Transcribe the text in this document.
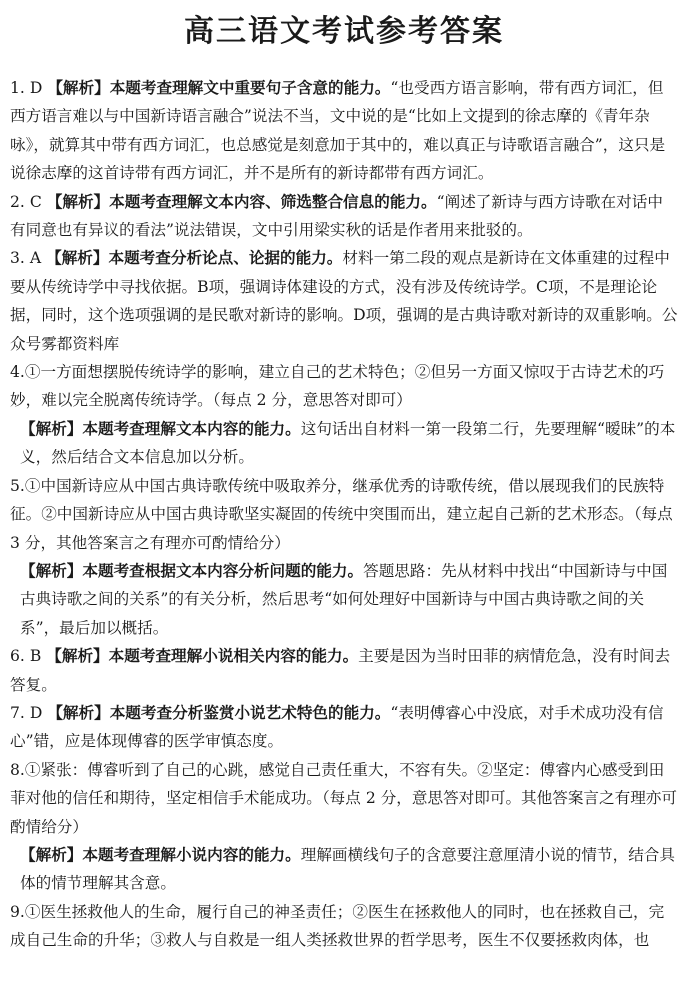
高三语文考试参考答案

1. D 【解析】本题考查理解文中重要句子含意的能力。“也受西方语言影响，带有西方词汇，但西方语言难以与中国新诗语言融合”说法不当，文中说的是“比如上文提到的徐志摩的《青年杂咏》，就算其中带有西方词汇，也总感觉是刻意加于其中的，难以真正与诗歌语言融合”，这只是说徐志摩的这首诗带有西方词汇，并不是所有的新诗都带有西方词汇。

2. C 【解析】本题考查理解文本内容、筛选整合信息的能力。“阐述了新诗与西方诗歌在对话中有同意也有异议的看法”说法错误，文中引用梁实秋的话是作者用来批驳的。

3. A 【解析】本题考查分析论点、论据的能力。材料一第二段的观点是新诗在文体重建的过程中要从传统诗学中寻找依据。B项，强调诗体建设的方式，没有涉及传统诗学。C项，不是理论论据，同时，这个选项强调的是民歌对新诗的影响。D项，强调的是古典诗歌对新诗的双重影响。公众号雾都资料库

4.①一方面想摆脱传统诗学的影响，建立自己的艺术特色；②但另一方面又惊叹于古诗艺术的巧妙，难以完全脱离传统诗学。（每点 2 分，意思答对即可）

【解析】本题考查理解文本内容的能力。这句话出自材料一第一段第二行，先要理解“暧昧”的本义，然后结合文本信息加以分析。

5.①中国新诗应从中国古典诗歌传统中吸取养分，继承优秀的诗歌传统，借以展现我们的民族特征。②中国新诗应从中国古典诗歌坚实凝固的传统中突围而出，建立起自己新的艺术形态。（每点 3 分，其他答案言之有理亦可酌情给分）

【解析】本题考查根据文本内容分析问题的能力。答题思路：先从材料中找出“中国新诗与中国古典诗歌之间的关系”的有关分析，然后思考“如何处理好中国新诗与中国古典诗歌之间的关系”，最后加以概括。

6. B 【解析】本题考查理解小说相关内容的能力。主要是因为当时田菲的病情危急，没有时间去答复。

7. D 【解析】本题考查分析鉴赏小说艺术特色的能力。“表明傅睿心中没底，对手术成功没有信心”错，应是体现傅睿的医学审慎态度。

8.①紧张：傅睿听到了自己的心跳，感觉自己责任重大，不容有失。②坚定：傅睿内心感受到田菲对他的信任和期待，坚定相信手术能成功。（每点 2 分，意思答对即可。其他答案言之有理亦可酌情给分）

【解析】本题考查理解小说内容的能力。理解画横线句子的含意要注意厘清小说的情节，结合具体的情节理解其含意。

9.①医生拯救他人的生命，履行自己的神圣责任；②医生在拯救他人的同时，也在拯救自己，完成自己生命的升华；③救人与自救是一组人类拯救世界的哲学思考，医生不仅要拯救肉体，也
